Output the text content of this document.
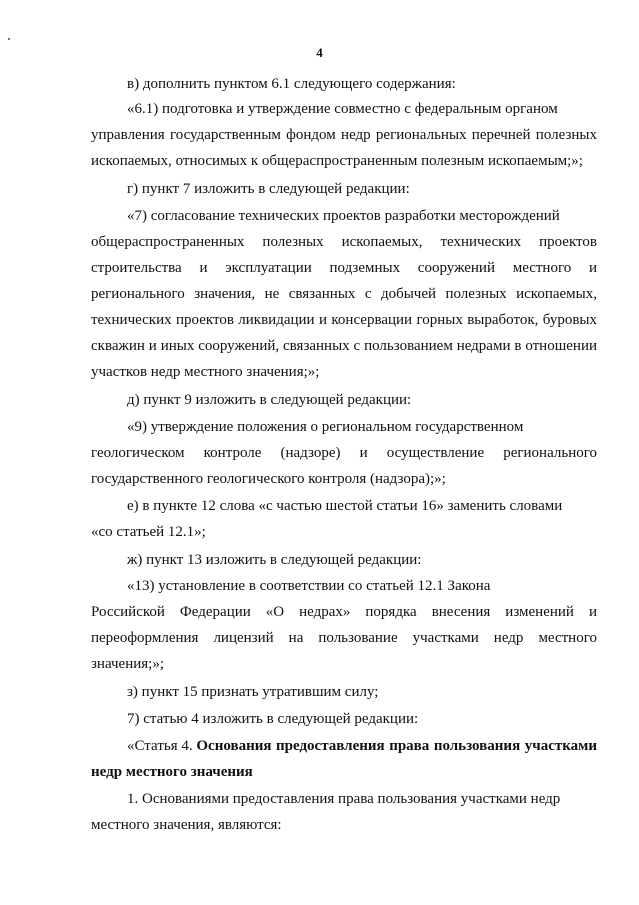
4
в) дополнить пунктом 6.1 следующего содержания:
«6.1) подготовка и утверждение совместно с федеральным органом
управления государственным фондом недр региональных перечней полезных
ископаемых, относимых к общераспространенным полезным ископаемым;»;
г) пункт 7 изложить в следующей редакции:
«7) согласование технических проектов разработки месторождений
общераспространенных полезных ископаемых, технических проектов
строительства и эксплуатации подземных сооружений местного и
регионального значения, не связанных с добычей полезных ископаемых,
технических проектов ликвидации и консервации горных выработок, буровых
скважин и иных сооружений, связанных с пользованием недрами в отношении
участков недр местного значения;»;
д) пункт 9 изложить в следующей редакции:
«9) утверждение положения о региональном государственном
геологическом контроле (надзоре) и осуществление регионального
государственного геологического контроля (надзора);»;
е) в пункте 12 слова «с частью шестой статьи 16» заменить словами
«со статьей 12.1»;
ж) пункт 13 изложить в следующей редакции:
«13) установление в соответствии со статьей 12.1 Закона
Российской Федерации «О недрах» порядка внесения изменений и
переоформления лицензий на пользование участками недр местного
значения;»;
з) пункт 15 признать утратившим силу;
7) статью 4 изложить в следующей редакции:
«Статья 4. Основания предоставления права пользования участками
недр местного значения
1. Основаниями предоставления права пользования участками недр
местного значения, являются:
